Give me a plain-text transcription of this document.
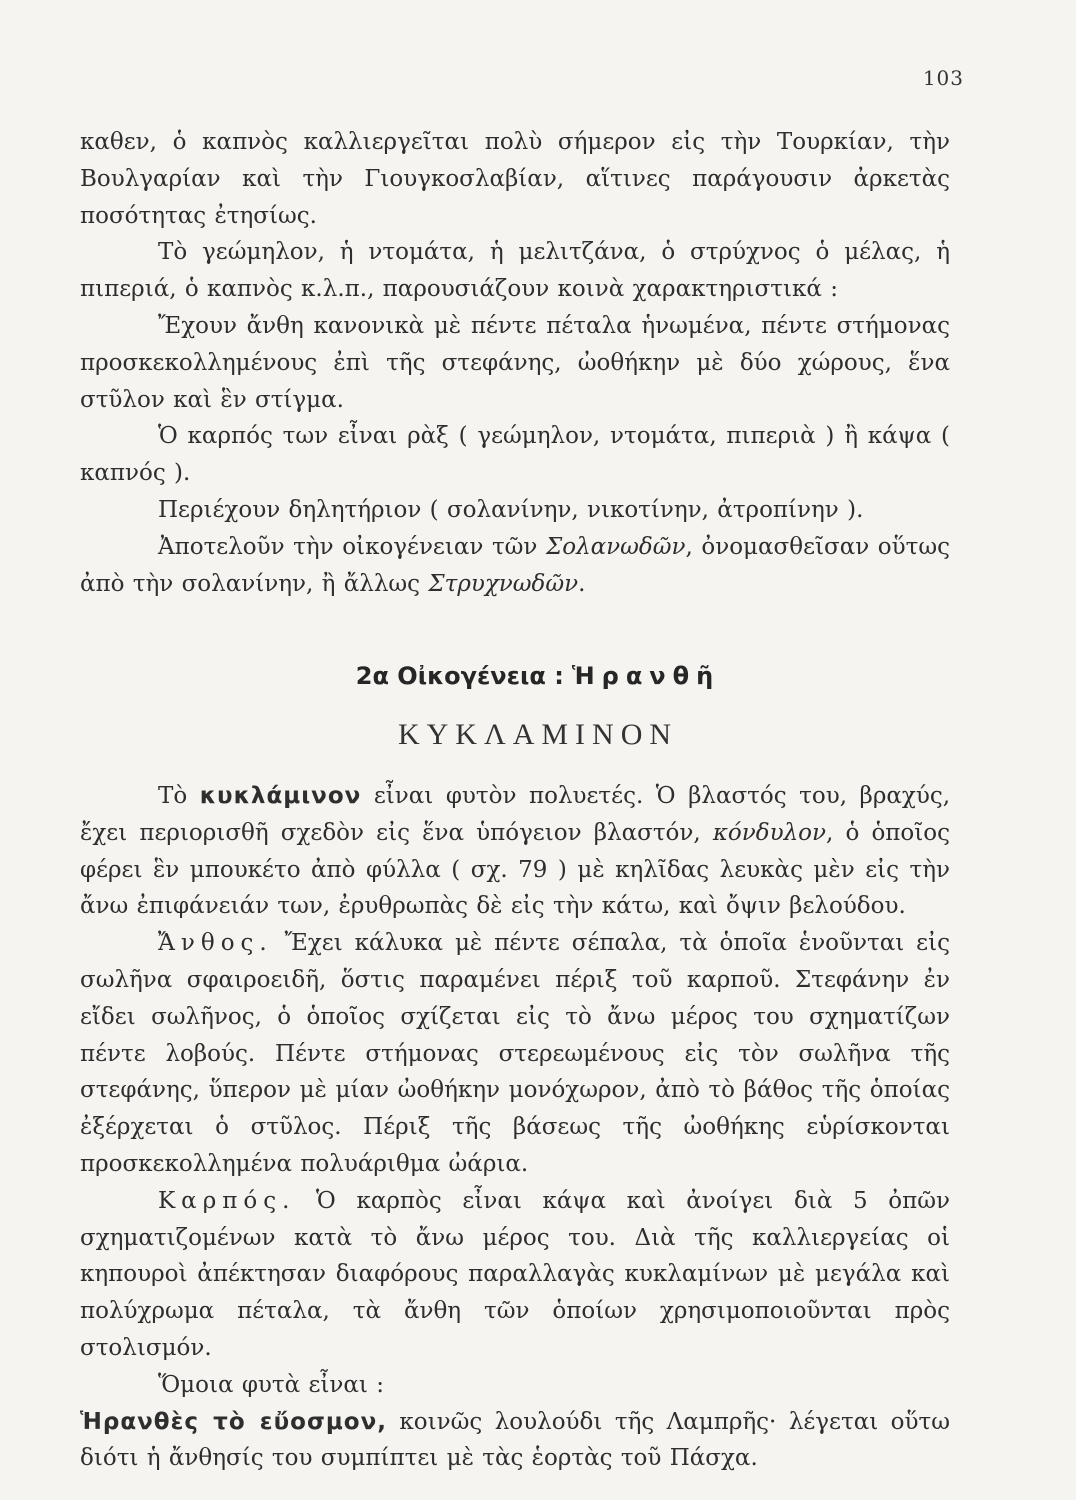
103

καθεν, ὁ καπνὸς καλλιεργεῖται πολὺ σήμερον εἰς τὴν Τουρκίαν, τὴν Βουλγαρίαν καὶ τὴν Γιουγκοσλαβίαν, αἵτινες παράγουσιν ἀρκετὰς ποσότητας ἐτησίως.

Τὸ γεώμηλον, ἡ ντομάτα, ἡ μελιτζάνα, ὁ στρύχνος ὁ μέλας, ἡ πιπεριά, ὁ καπνὸς κ.λ.π., παρουσιάζουν κοινὰ χαρακτηριστικά :

Ἔχουν ἄνθη κανονικὰ μὲ πέντε πέταλα ἡνωμένα, πέντε στήμονας προσκεκολλημένους ἐπὶ τῆς στεφάνης, ὠοθήκην μὲ δύο χώρους, ἕνα στῦλον καὶ ἓν στίγμα.

Ὁ καρπός των εἶναι ρὰξ ( γεώμηλον, ντομάτα, πιπεριὰ ) ἢ κάψα ( καπνός ).

Περιέχουν δηλητήριον ( σολανίνην, νικοτίνην, ἀτροπίνην ).

Ἀποτελοῦν τὴν οἰκογένειαν τῶν Σολανωδῶν, ὀνομασθεῖσαν οὕτως ἀπὸ τὴν σολανίνην, ἢ ἄλλως Στρυχνωδῶν.

2α Οἰκογένεια : Ἡρανθῆ
ΚΥΚΛΑΜΙΝΟΝ

Τὸ κυκλάμινον εἶναι φυτὸν πολυετές. Ὁ βλαστός του, βραχύς, ἔχει περιορισθῆ σχεδὸν εἰς ἕνα ὑπόγειον βλαστόν, κόνδυλον, ὁ ὁποῖος φέρει ἓν μπουκέτο ἀπὸ φύλλα ( σχ. 79 ) μὲ κηλῖδας λευκὰς μὲν εἰς τὴν ἄνω ἐπιφάνειάν των, ἐρυθρωπὰς δὲ εἰς τὴν κάτω, καὶ ὄψιν βελούδου.

Ἄνθος. Ἔχει κάλυκα μὲ πέντε σέπαλα, τὰ ὁποῖα ἑνοῦνται εἰς σωλῆνα σφαιροειδῆ, ὅστις παραμένει πέριξ τοῦ καρποῦ. Στεφάνην ἐν εἴδει σωλῆνος, ὁ ὁποῖος σχίζεται εἰς τὸ ἄνω μέρος του σχηματίζων πέντε λοβούς. Πέντε στήμονας στερεωμένους εἰς τὸν σωλῆνα τῆς στεφάνης, ὕπερον μὲ μίαν ὠοθήκην μονόχωρον, ἀπὸ τὸ βάθος τῆς ὁποίας ἐξέρχεται ὁ στῦλος. Πέριξ τῆς βάσεως τῆς ὠοθήκης εὑρίσκονται προσκεκολλημένα πολυάριθμα ὠάρια.

Καρπός. Ὁ καρπὸς εἶναι κάψα καὶ ἀνοίγει διὰ 5 ὀπῶν σχηματιζομένων κατὰ τὸ ἄνω μέρος του. Διὰ τῆς καλλιεργείας οἱ κηπουροὶ ἀπέκτησαν διαφόρους παραλλαγὰς κυκλαμίνων μὲ μεγάλα καὶ πολύχρωμα πέταλα, τὰ ἄνθη τῶν ὁποίων χρησιμοποιοῦνται πρὸς στολισμόν.

Ὅμοια φυτὰ εἶναι :

Ἡρανθὲς τὸ εὔοσμον, κοινῶς λουλούδι τῆς Λαμπρῆς· λέγεται οὕτω διότι ἡ ἄνθησίς του συμπίπτει μὲ τὰς ἑορτὰς τοῦ Πάσχα.
